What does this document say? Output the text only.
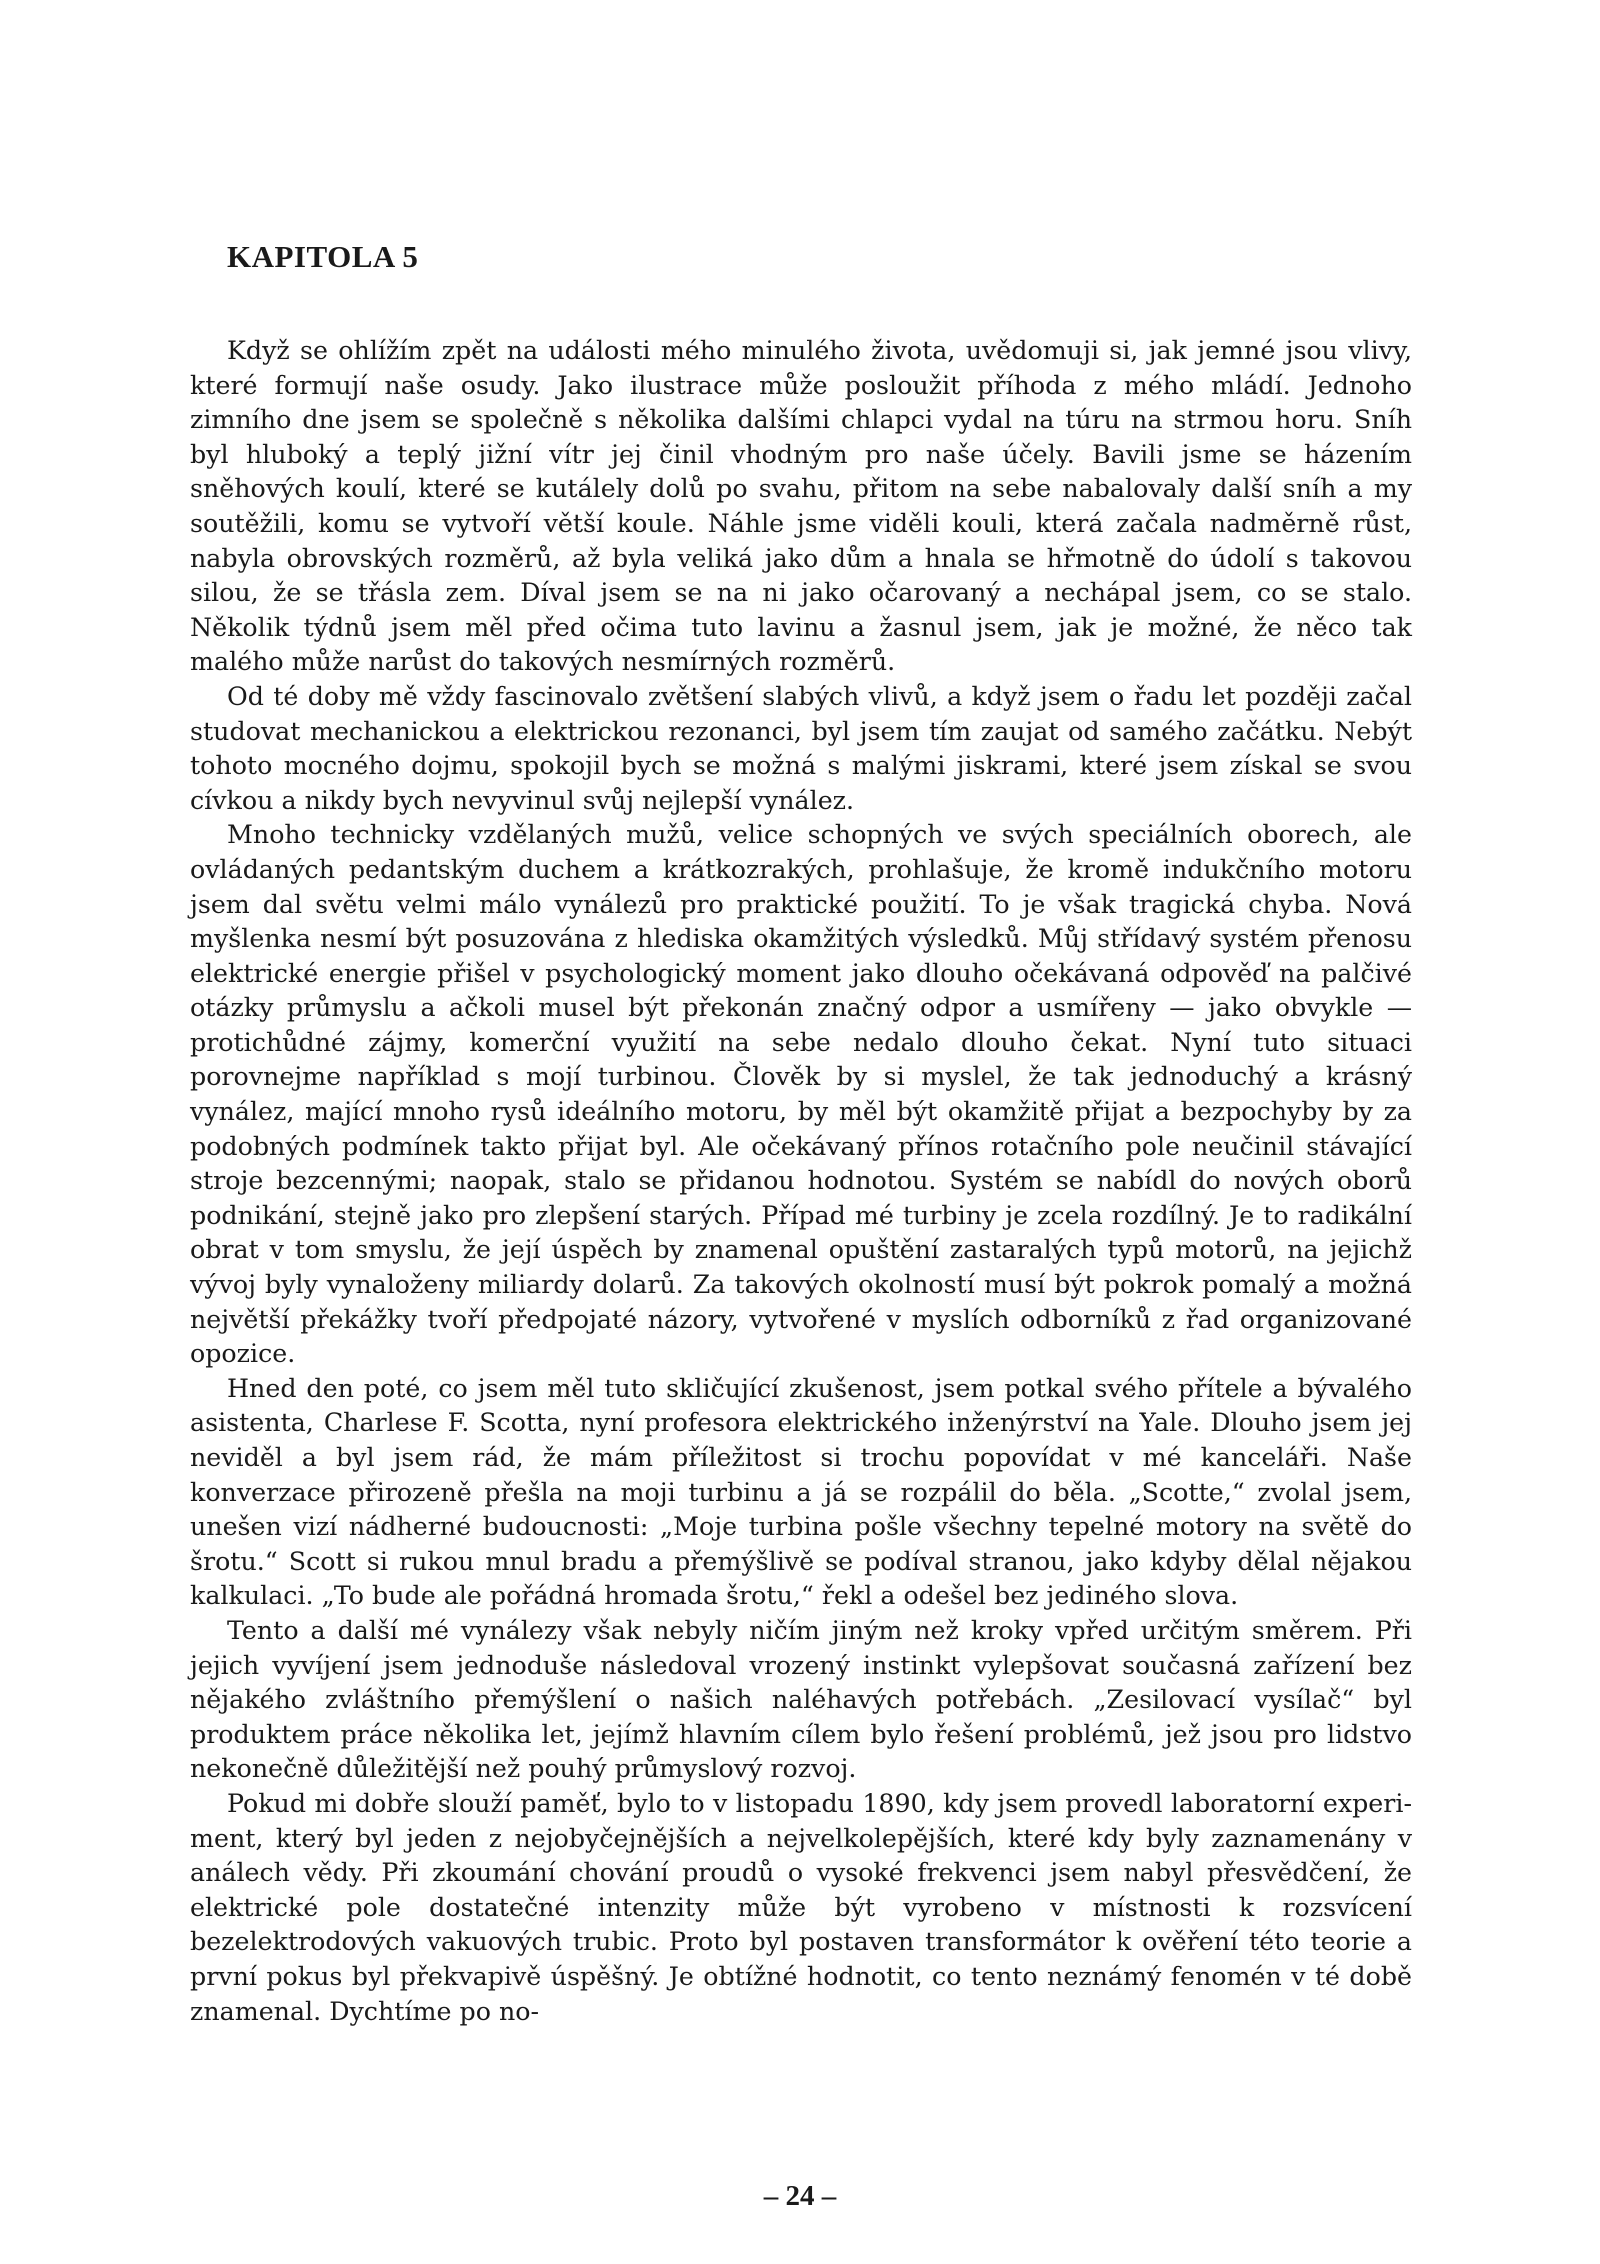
KAPITOLA 5

Když se ohlížím zpět na události mého minulého života, uvědomuji si, jak jemné jsou vlivy, které formují naše osudy. Jako ilustrace může posloužit příhoda z mého mládí. Jednoho zimního dne jsem se společně s několika dalšími chlapci vydal na túru na strmou horu. Sníh byl hluboký a teplý jižní vítr jej činil vhodným pro naše účely. Bavili jsme se házením sněhových koulí, které se kutálely dolů po svahu, přitom na sebe nabalovaly další sníh a my soutěžili, komu se vytvoří větší koule. Náhle jsme viděli kouli, která začala nadměrně růst, nabyla obrovských rozměrů, až byla veliká jako dům a hnala se hřmotně do údolí s takovou silou, že se třásla zem. Díval jsem se na ni jako očarovaný a nechápal jsem, co se stalo. Několik týdnů jsem měl před očima tuto lavinu a žasnul jsem, jak je možné, že něco tak malého může narůst do takových nesmírných rozměrů.

Od té doby mě vždy fascinovalo zvětšení slabých vlivů, a když jsem o řadu let později začal studovat mechanickou a elektrickou rezonanci, byl jsem tím zaujat od samého začátku. Nebýt tohoto mocného dojmu, spokojil bych se možná s malými jiskrami, které jsem získal se svou cívkou a nikdy bych nevyvinul svůj nejlepší vynález.

Mnoho technicky vzdělaných mužů, velice schopných ve svých speciálních oborech, ale ovládaných pedantským duchem a krátkozrakých, prohlašuje, že kromě indukčního motoru jsem dal světu velmi málo vynálezů pro praktické použití. To je však tragická chyba. Nová myšlenka nesmí být posuzována z hlediska okamžitých výsledků. Můj střídavý systém přenosu elektrické energie přišel v psychologický moment jako dlouho očekávaná odpověď na palčivé otázky průmyslu a ačkoli musel být překonán značný odpor a usmířeny — jako obvykle — protichůdné zájmy, komerční využití na sebe nedalo dlouho čekat. Nyní tuto situaci porovnejme například s mojí turbinou. Člověk by si myslel, že tak jednoduchý a krásný vynález, mající mnoho rysů ideálního motoru, by měl být okamžitě přijat a bezpochyby by za podobných podmínek takto přijat byl. Ale očekávaný přínos rotačního pole neučinil stávající stroje bezcennými; naopak, stalo se přidanou hodnotou. Systém se nabídl do nových oborů podnikání, stejně jako pro zlepšení starých. Případ mé turbiny je zcela rozdílný. Je to radikální obrat v tom smyslu, že její úspěch by znamenal opuštění zastaralých typů motorů, na jejichž vývoj byly vynaloženy miliardy dolarů. Za takových okolností musí být pokrok pomalý a možná největší překážky tvoří předpojaté názory, vytvořené v myslích odborníků z řad organizované opozice.

Hned den poté, co jsem měl tuto skličující zkušenost, jsem potkal svého přítele a bývalého asistenta, Charlese F. Scotta, nyní profesora elektrického inženýrství na Yale. Dlouho jsem jej neviděl a byl jsem rád, že mám příležitost si trochu popovídat v mé kanceláři. Naše konverzace přirozeně přešla na moji turbinu a já se rozpálil do běla. „Scotte,“ zvolal jsem, unešen vizí nádherné budoucnosti: „Moje turbina pošle všechny tepelné motory na světě do šrotu.“ Scott si rukou mnul bradu a přemýšlivě se podíval stranou, jako kdyby dělal nějakou kalkulaci. „To bude ale pořádná hromada šrotu,“ řekl a odešel bez jediného slova.

Tento a další mé vynálezy však nebyly ničím jiným než kroky vpřed určitým směrem. Při jejich vyvíjení jsem jednoduše následoval vrozený instinkt vylepšovat současná zařízení bez nějakého zvláštního přemýšlení o našich naléhavých potřebách. „Zesilovací vysílač“ byl produktem práce několika let, jejímž hlavním cílem bylo řešení problémů, jež jsou pro lidstvo nekonečně důležitější než pouhý průmyslový rozvoj.

Pokud mi dobře slouží paměť, bylo to v listopadu 1890, kdy jsem provedl laboratorní experiment, který byl jeden z nejobyčejnějších a nejvelkolepějších, které kdy byly zaznamenány v análech vědy. Při zkoumání chování proudů o vysoké frekvenci jsem nabyl přesvědčení, že elektrické pole dostatečné intenzity může být vyrobeno v místnosti k rozsvícení bezelektrodových vakuových trubic. Proto byl postaven transformátor k ověření této teorie a první pokus byl překvapivě úspěšný. Je obtížné hodnotit, co tento neznámý fenomén v té době znamenal. Dychtíme po no-

– 24 –
